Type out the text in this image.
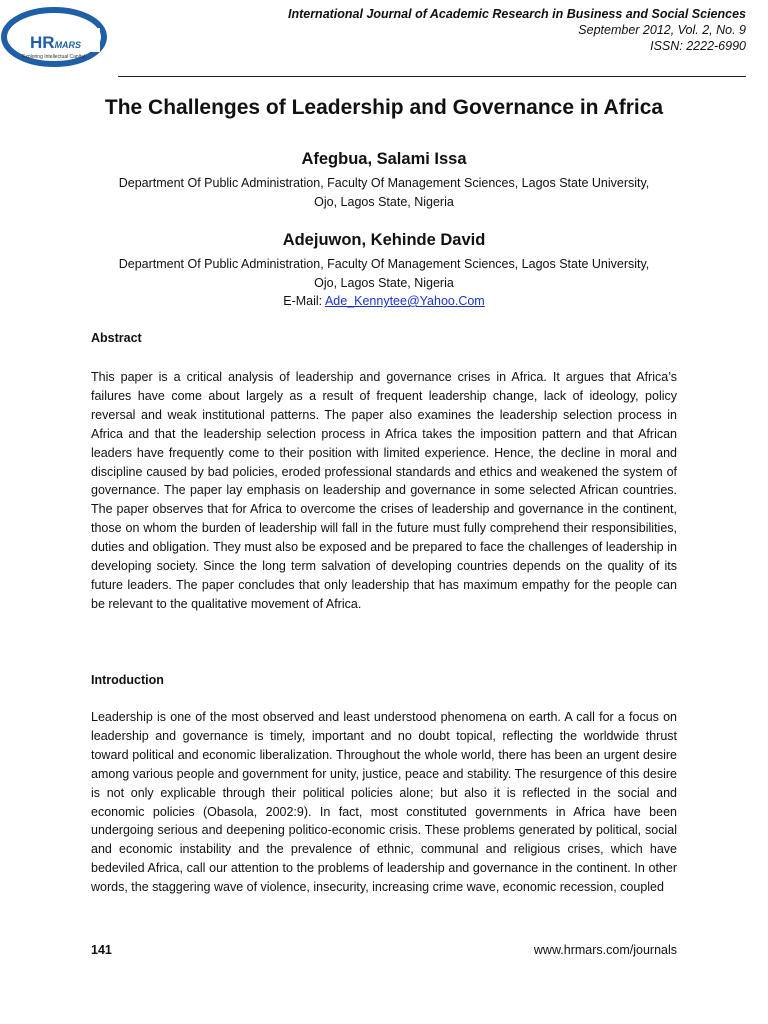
HRMARS
Exploring Intellectual Capital
International Journal of Academic Research in Business and Social Sciences
September 2012, Vol. 2, No. 9
ISSN: 2222-6990
The Challenges of Leadership and Governance in Africa
Afegbua, Salami Issa
Department Of Public Administration, Faculty Of Management Sciences, Lagos State University,
Ojo, Lagos State, Nigeria
Adejuwon, Kehinde David
Department Of Public Administration, Faculty Of Management Sciences, Lagos State University,
Ojo, Lagos State, Nigeria
E-Mail: Ade_Kennytee@Yahoo.Com
Abstract
This paper is a critical analysis of leadership and governance crises in Africa. It argues that Africa’s failures have come about largely as a result of frequent leadership change, lack of ideology, policy reversal and weak institutional patterns. The paper also examines the leadership selection process in Africa and that the leadership selection process in Africa takes the imposition pattern and that African leaders have frequently come to their position with limited experience. Hence, the decline in moral and discipline caused by bad policies, eroded professional standards and ethics and weakened the system of governance. The paper lay emphasis on leadership and governance in some selected African countries. The paper observes that for Africa to overcome the crises of leadership and governance in the continent, those on whom the burden of leadership will fall in the future must fully comprehend their responsibilities, duties and obligation. They must also be exposed and be prepared to face the challenges of leadership in developing society. Since the long term salvation of developing countries depends on the quality of its future leaders. The paper concludes that only leadership that has maximum empathy for the people can be relevant to the qualitative movement of Africa.
Introduction
Leadership is one of the most observed and least understood phenomena on earth. A call for a focus on leadership and governance is timely, important and no doubt topical, reflecting the worldwide thrust toward political and economic liberalization. Throughout the whole world, there has been an urgent desire among various people and government for unity, justice, peace and stability. The resurgence of this desire is not only explicable through their political policies alone; but also it is reflected in the social and economic policies (Obasola, 2002:9). In fact, most constituted governments in Africa have been undergoing serious and deepening politico-economic crisis. These problems generated by political, social and economic instability and the prevalence of ethnic, communal and religious crises, which have bedeviled Africa, call our attention to the problems of leadership and governance in the continent. In other words, the staggering wave of violence, insecurity, increasing crime wave, economic recession, coupled
141	www.hrmars.com/journals
